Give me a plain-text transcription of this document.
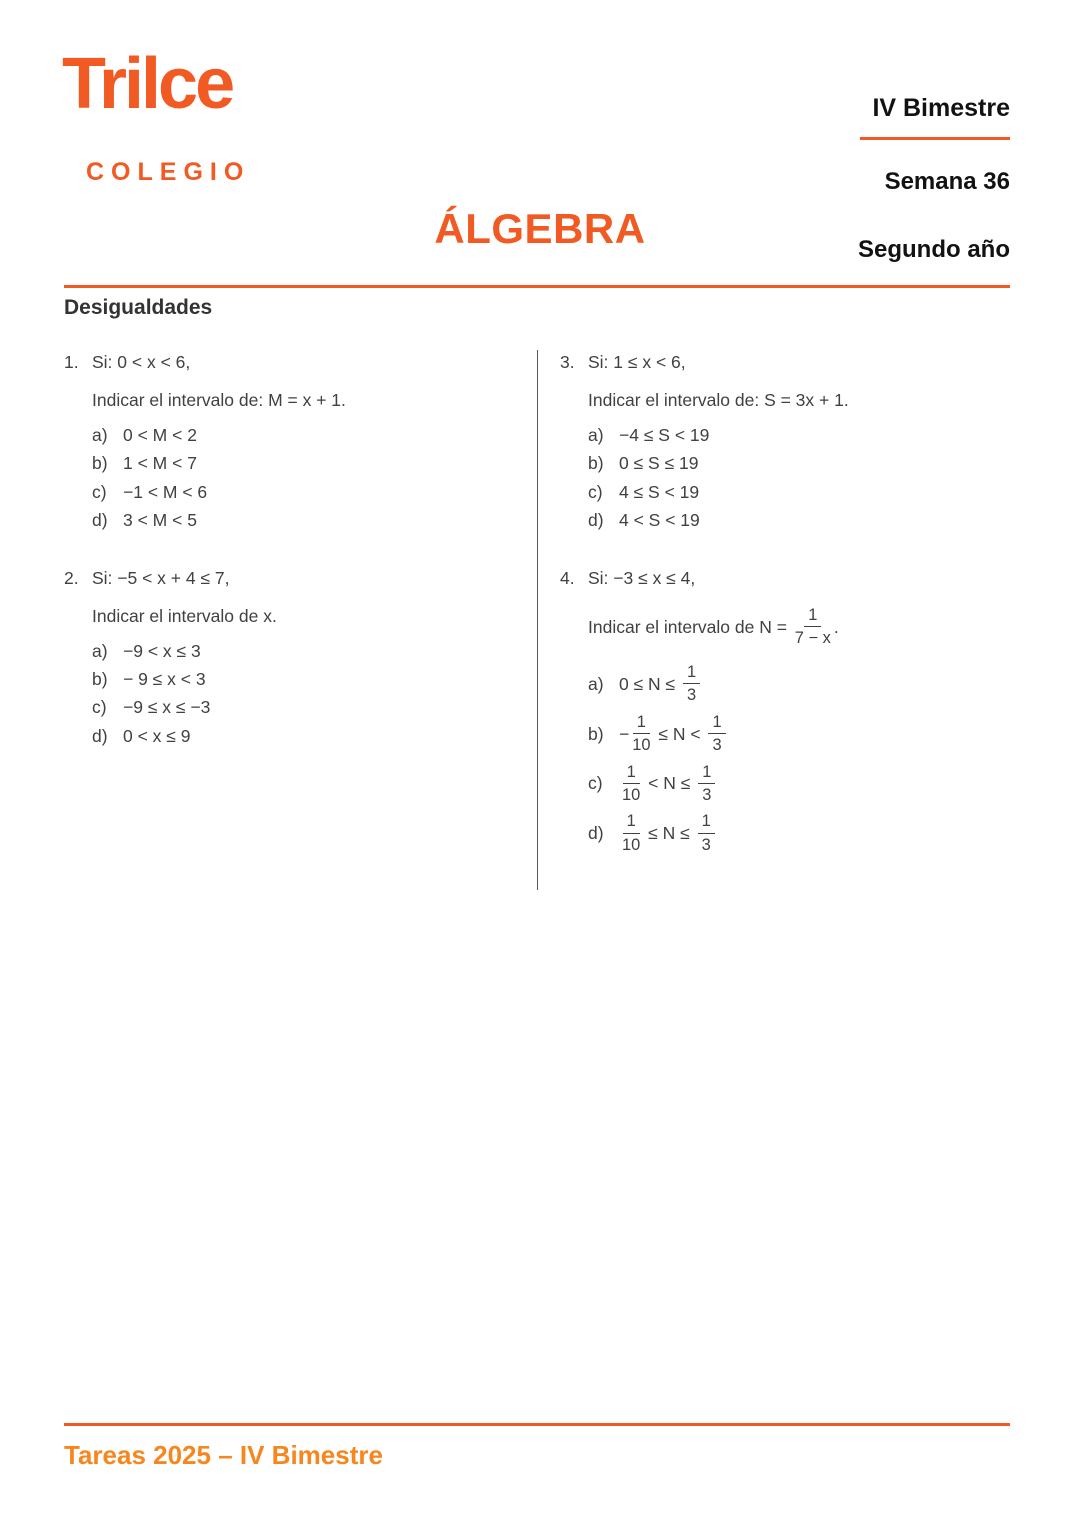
Trilce
COLEGIO
IV Bimestre
Semana 36
Segundo año
ÁLGEBRA
Desigualdades
1. Si: 0 < x < 6,
Indicar el intervalo de: M = x + 1.
a) 0 < M < 2
b) 1 < M < 7
c) −1 < M < 6
d) 3 < M < 5
2. Si: −5 < x + 4 ≤ 7,
Indicar el intervalo de x.
a) −9 < x ≤ 3
b) − 9 ≤ x < 3
c) −9 ≤ x ≤ −3
d) 0 < x ≤ 9
3. Si: 1 ≤ x < 6,
Indicar el intervalo de: S = 3x + 1.
a) −4 ≤ S < 19
b) 0 ≤ S ≤ 19
c) 4 ≤ S < 19
d) 4 < S < 19
4. Si: −3 ≤ x ≤ 4,
Indicar el intervalo de $N = \frac{1}{7 - x}$ .
a) $0 \le N \le \frac{1}{3}$
$b) - \frac{1}{10} \le N < \frac{1}{3}$
c)	$\frac{1}{10} < N \le \frac{1}{3}$
d)	$\frac{1}{10} \le N \le \frac{1}{3}$
Tareas 2025 – IV Bimestre
